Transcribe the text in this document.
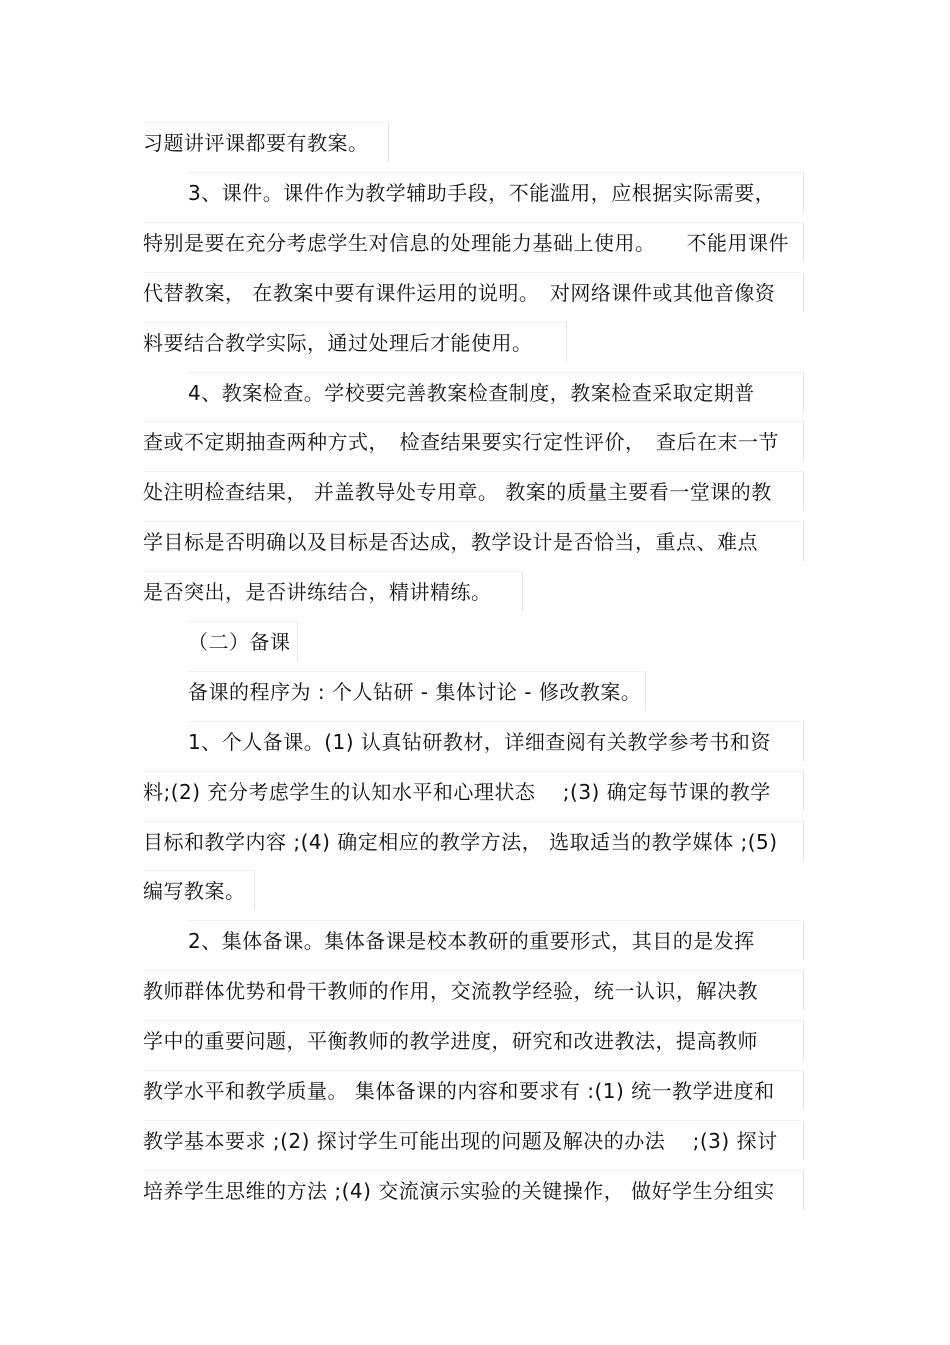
习题讲评课都要有教案。
3、课件。课件作为教学辅助手段，不能滥用，应根据实际需要，
特别是要在充分考虑学生对信息的处理能力基础上使用。　　不能用课件
代替教案， 在教案中要有课件运用的说明。　对网络课件或其他音像资
料要结合教学实际，通过处理后才能使用。
4、教案检查。学校要完善教案检查制度，教案检查采取定期普
查或不定期抽查两种方式，　检查结果要实行定性评价，　查后在末一节
处注明检查结果， 并盖教导处专用章。 教案的质量主要看一堂课的教
学目标是否明确以及目标是否达成，教学设计是否恰当，重点、难点
是否突出，是否讲练结合，精讲精练。
（二）备课
备课的程序为 : 个人钻研 - 集体讨论 - 修改教案。
1、个人备课。(1) 认真钻研教材，详细查阅有关教学参考书和资
料;(2) 充分考虑学生的认知水平和心理状态　 ;(3) 确定每节课的教学
目标和教学内容 ;(4) 确定相应的教学方法， 选取适当的教学媒体 ;(5)
编写教案。
2、集体备课。集体备课是校本教研的重要形式，其目的是发挥
教师群体优势和骨干教师的作用，交流教学经验，统一认识，解决教
学中的重要问题，平衡教师的教学进度，研究和改进教法，提高教师
教学水平和教学质量。 集体备课的内容和要求有 :(1) 统一教学进度和
教学基本要求 ;(2) 探讨学生可能出现的问题及解决的办法　 ;(3) 探讨
培养学生思维的方法 ;(4) 交流演示实验的关键操作， 做好学生分组实
